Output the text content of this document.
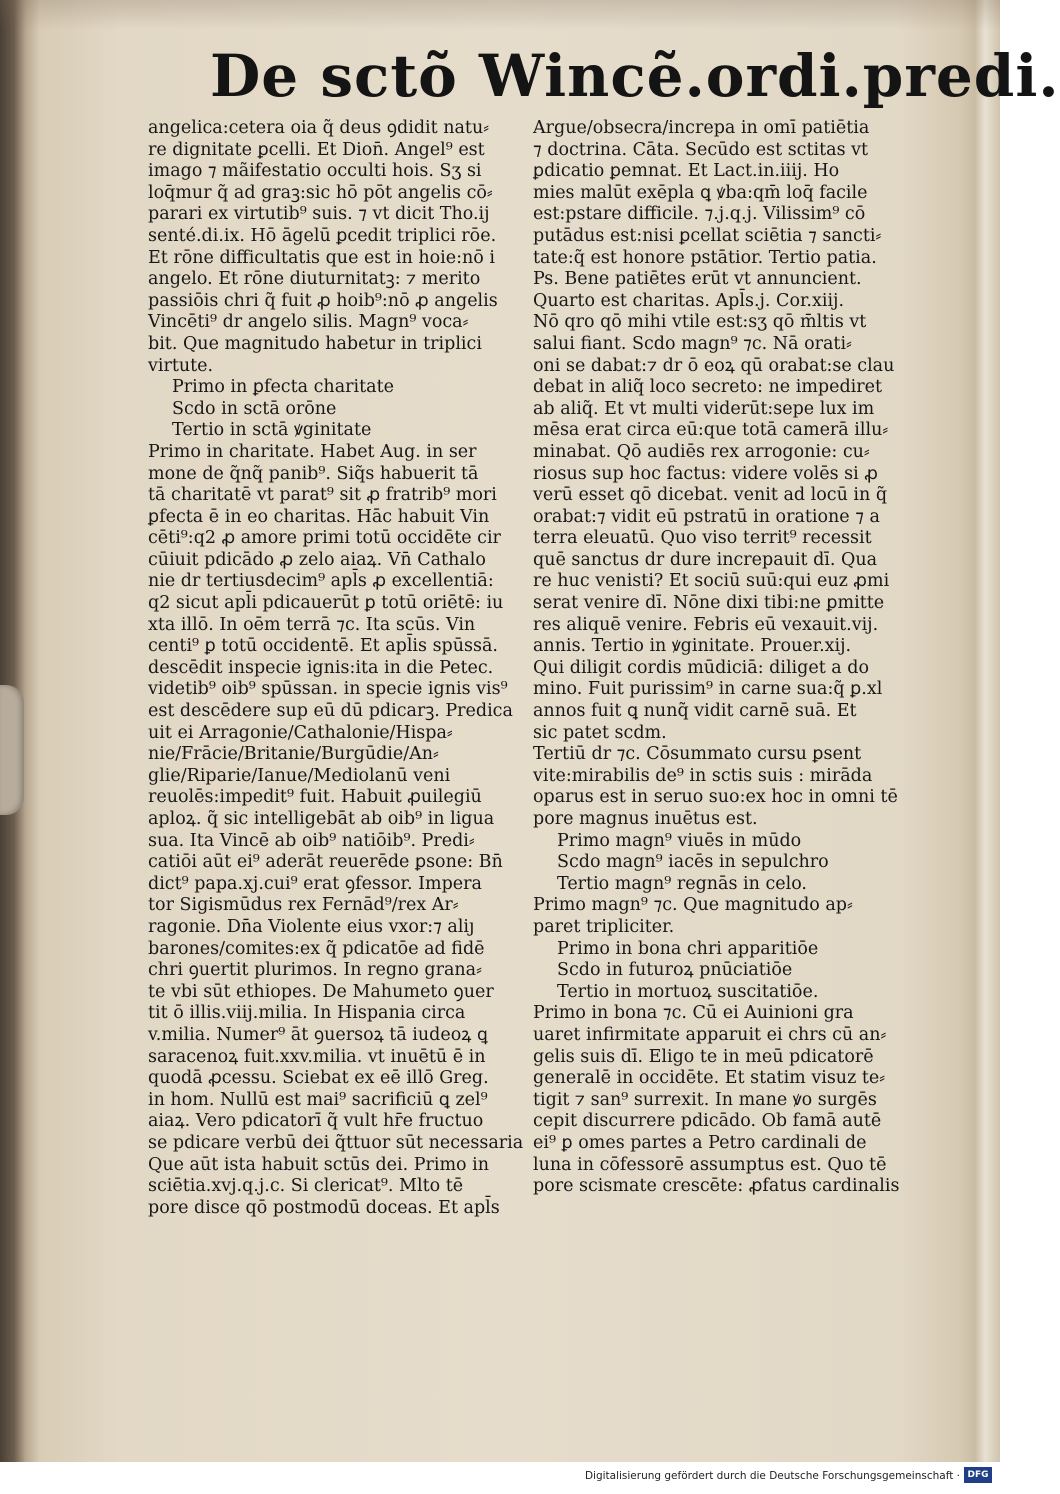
De sctõ Wincẽ.ordi.predi.
angelica:cetera oia q̃ deus ꝯdidit natu⸗
re dignitate ꝑcelli. Et Dion̄. Angel⁹ est
imago ⁊ mãifestatio occulti hois. Sʒ si
loq̄mur q̃ ad graꝫ:sic hō pōt angelis cō⸗
parari ex virtutib⁹ suis. ⁊ vt dicit Tho.ij
senté.di.ix. Hō āgelū ꝑcedit triplici rōe.
Et rōne difficultatis que est in hoie:nō i
angelo. Et rōne diuturnitatꝫ: ⁊ merito
passiōis chri q̃ fuit ꝓ hoib⁹:nō ꝓ angelis
Vincēti⁹ dr angelo silis. Magn⁹ voca⸗
bit. Que magnitudo habetur in triplici
virtute.
Primo in ꝑfecta charitate
Scdo in sctā orōne
Tertio in sctā ꝟginitate
Primo in charitate. Habet Aug. in ser
mone de q̃nq̃ panib⁹. Siq̃s habuerit tā
tā charitatē vt parat⁹ sit ꝓ fratrib⁹ mori
ꝑfecta ē in eo charitas. Hāc habuit Vin
cēti⁹:q2 ꝓ amore primi totū occidēte cir
cūiuit pdicādo ꝓ zelo aiaꝝ. Vn̄ Cathalo
nie dr tertiusdecim⁹ apl̄s ꝓ excellentiā:
q2 sicut apl̄i pdicauerūt ꝑ totū oriētē: iu
xta illō. In oēm terrā ⁊c. Ita scūs. Vin
centi⁹ ꝑ totū occidentē. Et apl̄is spūssā.
descēdit inspecie ignis:ita in die Petec.
videtib⁹ oib⁹ spūssan. in specie ignis vis⁹
est descēdere sup eū dū pdicarꝫ. Predica
uit ei Arragonie/Cathalonie/Hispa⸗
nie/Frācie/Britanie/Burgūdie/An⸗
glie/Riparie/Ianue/Mediolanū veni
reuolēs:impedit⁹ fuit. Habuit ꝓuilegiū
aploꝝ. q̃ sic intelligebāt ab oib⁹ in ligua
sua. Ita Vincē ab oib⁹ natiōib⁹. Predi⸗
catiōi aūt ei⁹ aderāt reuerēde ꝑsone: Bn̄
dict⁹ papa.xj.cui⁹ erat ꝯfessor. Impera
tor Sigismūdus rex Fernād⁹/rex Ar⸗
ragonie. Dn̄a Violente eius vxor:⁊ aliȷ
barones/comites:ex q̃ pdicatōe ad fidē
chri ꝯuertit plurimos. In regno grana⸗
te vbi sūt ethiopes. De Mahumeto ꝯuer
tit ō illis.viij.milia. In Hispania circa
v.milia. Numer⁹ āt ꝯuersoꝝ tā iudeoꝝ ꝗ
saracenoꝝ fuit.xxv.milia. vt inuētū ē in
quodā ꝓcessu. Sciebat ex eē illō Greg.
in hom. Nullū est mai⁹ sacrificiū ꝗ zel⁹
aiaꝝ. Vero pdicatorī q̃ vult hr̄e fructuo
se pdicare verbū dei q̃ttuor sūt necessaria
Que aūt ista habuit sctūs dei. Primo in
sciētia.xvj.q.j.c. Si clericat⁹. Mlto tē
pore disce qō postmodū doceas. Et apl̄s
Argue/obsecra/increpa in omī patiētia
⁊ doctrina. Cāta. Secūdo est sctitas vt
ꝑdicatio ꝑemnat. Et Lact.in.iiij. Ho
mies malūt exēpla ꝗ ꝟba:qm̄ loq̄ facile
est:pstare difficile. ⁊.j.q.j. Vilissim⁹ cō
putādus est:nisi ꝑcellat sciētia ⁊ sancti⸗
tate:q̃ est honore pstātior. Tertio patia.
Ps. Bene patiētes erūt vt annuncient.
Quarto est charitas. Apl̄s.j. Cor.xiij.
Nō qro qō mihi vtile est:sʒ qō m̄ltis vt
salui fiant. Scdo magn⁹ ⁊c. Nā orati⸗
oni se dabat:⁊ dr ō eoꝝ qū orabat:se clau
debat in aliq̃ loco secreto: ne impediret
ab aliq̃. Et vt multi viderūt:sepe lux im
mēsa erat circa eū:que totā camerā illu⸗
minabat. Qō audiēs rex arrogonie: cu⸗
riosus sup hoc factus: videre volēs si ꝓ
verū esset qō dicebat. venit ad locū in q̃
orabat:⁊ vidit eū pstratū in oratione ⁊ a
terra eleuatū. Quo viso territ⁹ recessit
quē sanctus dr dure increpauit dī. Qua
re huc venisti? Et sociū suū:qui euz ꝓmi
serat venire dī. Nōne dixi tibi:ne ꝑmitte
res aliquē venire. Febris eū vexauit.vij.
annis. Tertio in ꝟginitate. Prouer.xij.
Qui diligit cordis mūdiciā: diliget a do
mino. Fuit purissim⁹ in carne sua:q̃ ꝑ.xl
annos fuit ꝗ nunq̃ vidit carnē suā. Et
sic patet scdm.
Tertiū dr ⁊c. Cōsummato cursu ꝑsent
vite:mirabilis de⁹ in sctis suis : mirāda
oparus est in seruo suo:ex hoc in omni tē
pore magnus inuētus est.
Primo magn⁹ viuēs in mūdo
Scdo magn⁹ iacēs in sepulchro
Tertio magn⁹ regnās in celo.
Primo magn⁹ ⁊c. Que magnitudo ap⸗
paret tripliciter.
Primo in bona chri apparitiōe
Scdo in futuroꝝ pnūciatiōe
Tertio in mortuoꝝ suscitatiōe.
Primo in bona ⁊c. Cū ei Auinioni gra
uaret infirmitate apparuit ei chrs cū an⸗
gelis suis dī. Eligo te in meū pdicatorē
generalē in occidēte. Et statim visuz te⸗
tigit ⁊ san⁹ surrexit. In mane ꝟo surgēs
cepit discurrere pdicādo. Ob famā autē
ei⁹ ꝑ omes partes a Petro cardinali de
luna in cōfessorē assumptus est. Quo tē
pore scismate crescēte: ꝓfatus cardinalis
Digitalisierung gefördert durch die Deutsche Forschungsgemeinschaft · DFG
